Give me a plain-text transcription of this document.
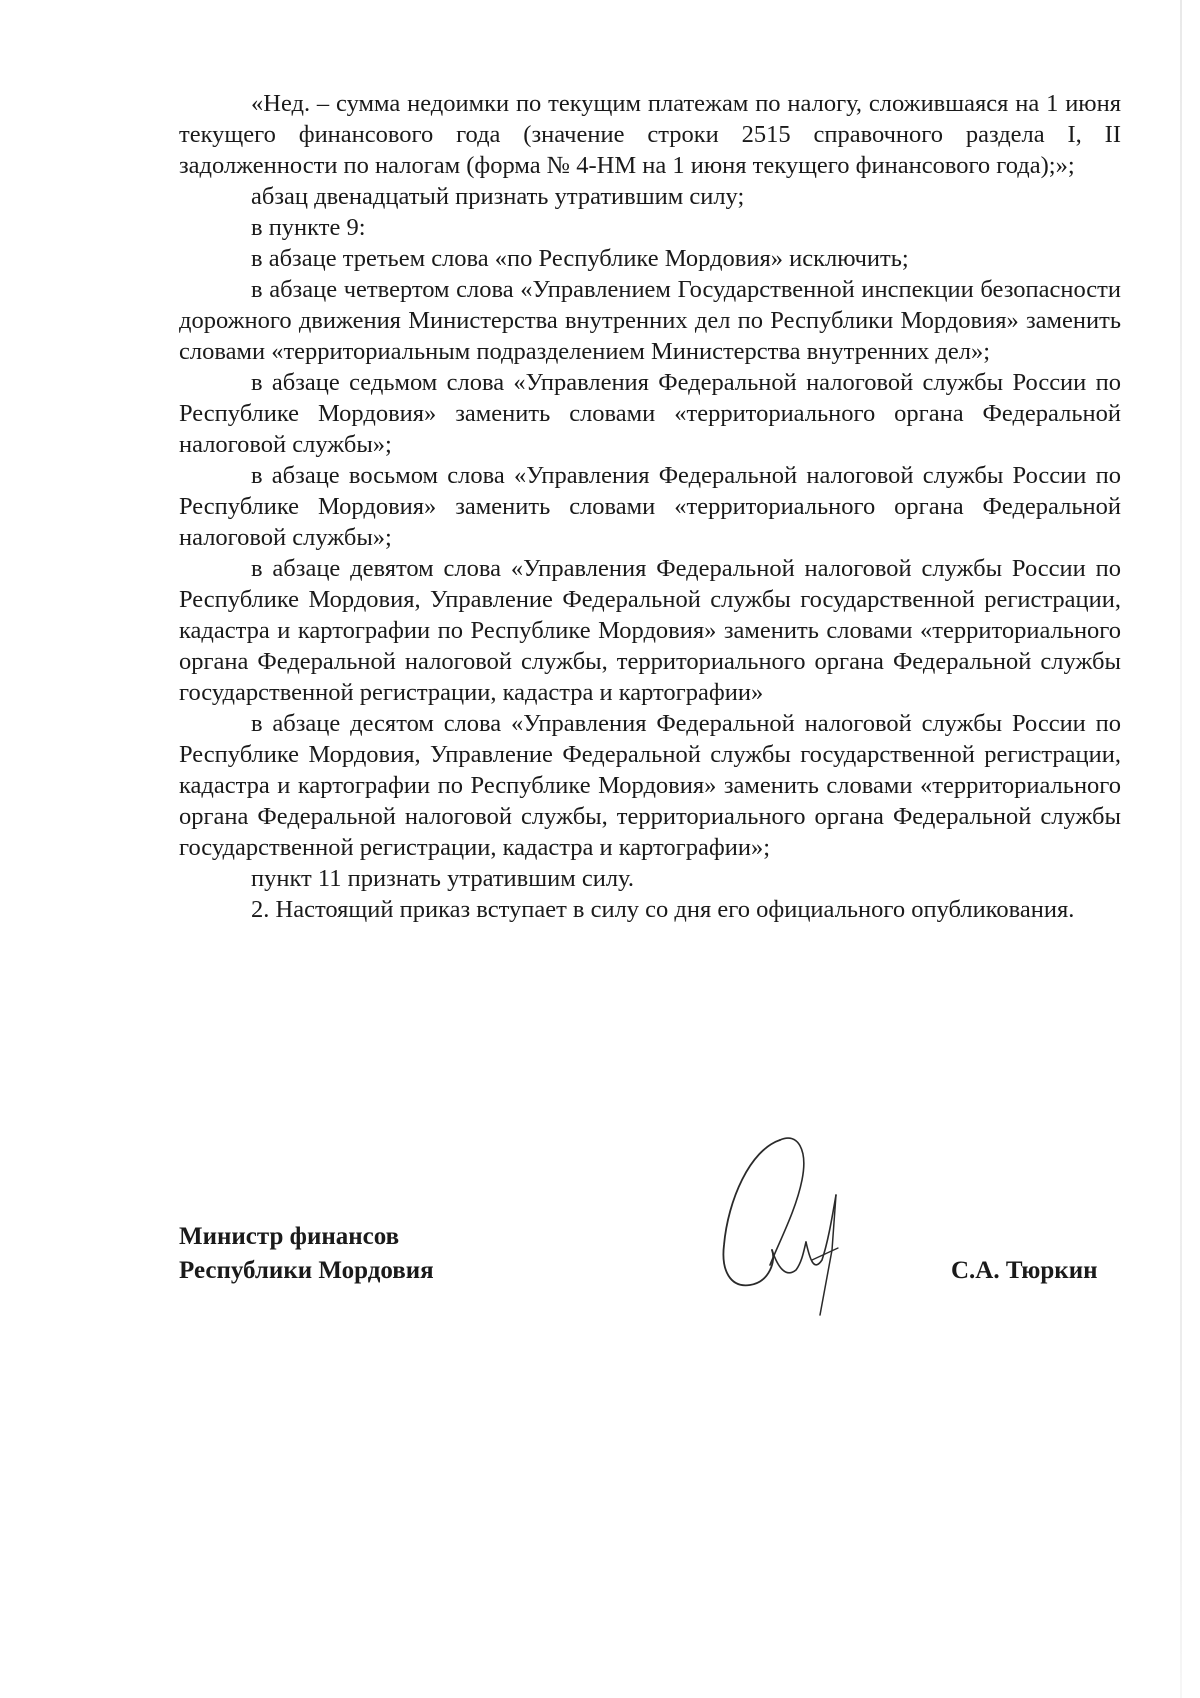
«Нед. – сумма недоимки по текущим платежам по налогу, сложившаяся на 1 июня текущего финансового года (значение строки 2515 справочного раздела I, II задолженности по налогам (форма № 4-НМ на 1 июня текущего финансового года);»;

абзац двенадцатый признать утратившим силу;

в пункте 9:

в абзаце третьем слова «по Республике Мордовия» исключить;

в абзаце четвертом слова «Управлением Государственной инспекции безопасности дорожного движения Министерства внутренних дел по Республики Мордовия» заменить словами «территориальным подразделением Министерства внутренних дел»;

в абзаце седьмом слова «Управления Федеральной налоговой службы России по Республике Мордовия» заменить словами «территориального органа Федеральной налоговой службы»;

в абзаце восьмом слова «Управления Федеральной налоговой службы России по Республике Мордовия» заменить словами «территориального органа Федеральной налоговой службы»;

в абзаце девятом слова «Управления Федеральной налоговой службы России по Республике Мордовия, Управление Федеральной службы государственной регистрации, кадастра и картографии по Республике Мордовия» заменить словами «территориального органа Федеральной налоговой службы, территориального органа Федеральной службы государственной регистрации, кадастра и картографии»

в абзаце десятом слова «Управления Федеральной налоговой службы России по Республике Мордовия, Управление Федеральной службы государственной регистрации, кадастра и картографии по Республике Мордовия» заменить словами «территориального органа Федеральной налоговой службы, территориального органа Федеральной службы государственной регистрации, кадастра и картографии»;

пункт 11 признать утратившим силу.

2. Настоящий приказ вступает в силу со дня его официального опубликования.

Министр финансов
Республики Мордовия	С.А. Тюркин
